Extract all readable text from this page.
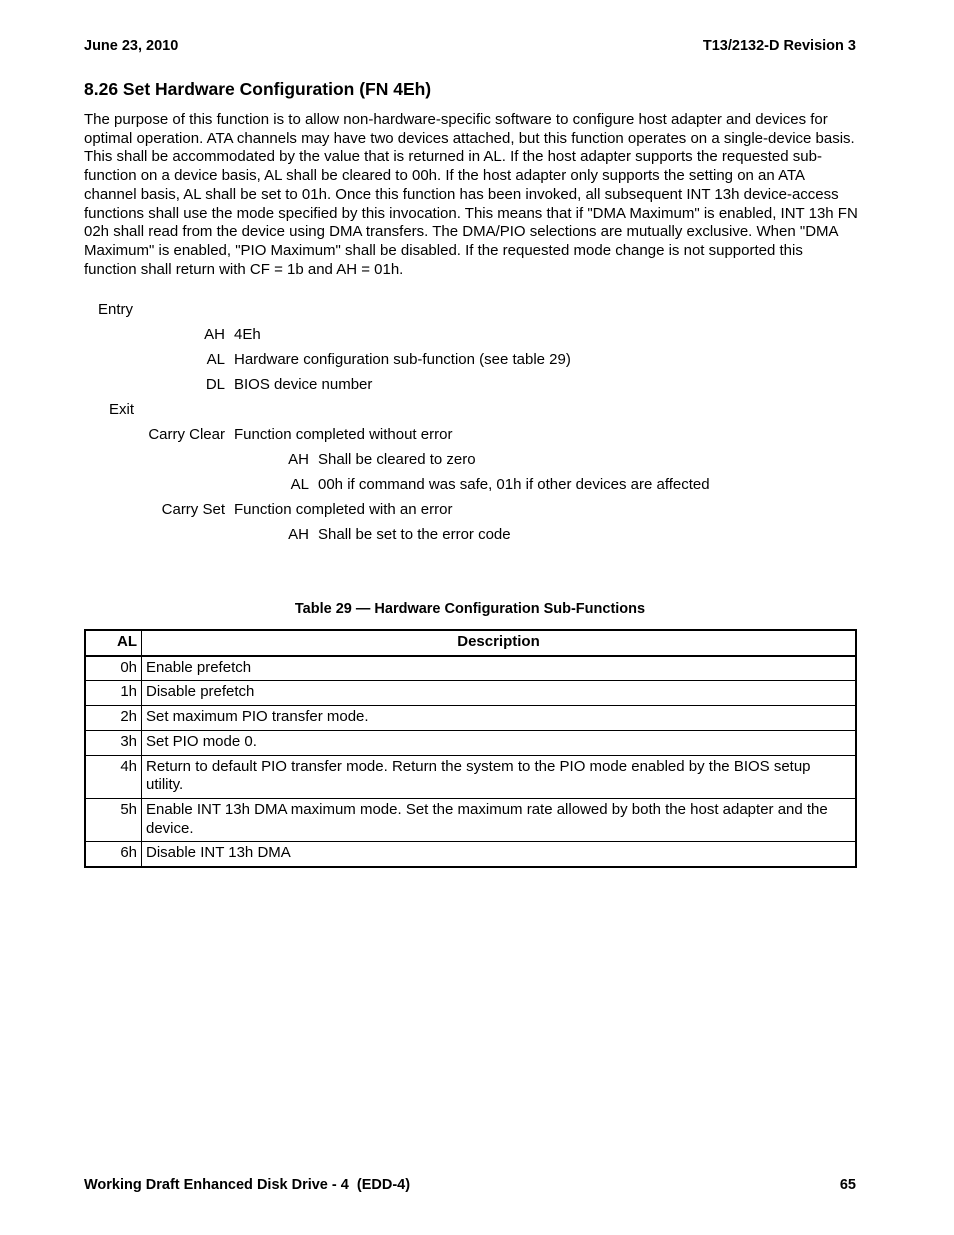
June 23, 2010	T13/2132-D Revision 3
8.26 Set Hardware Configuration (FN 4Eh)

The purpose of this function is to allow non-hardware-specific software to configure host adapter and devices for optimal operation. ATA channels may have two devices attached, but this function operates on a single-device basis. This shall be accommodated by the value that is returned in AL. If the host adapter supports the requested sub-function on a device basis, AL shall be cleared to 00h. If the host adapter only supports the setting on an ATA channel basis, AL shall be set to 01h. Once this function has been invoked, all subsequent INT 13h device-access functions shall use the mode specified by this invocation. This means that if "DMA Maximum" is enabled, INT 13h FN 02h shall read from the device using DMA transfers. The DMA/PIO selections are mutually exclusive. When "DMA Maximum" is enabled, "PIO Maximum" shall be disabled. If the requested mode change is not supported this function shall return with CF = 1b and AH = 01h.

Entry
AH 4Eh
AL Hardware configuration sub-function (see table 29)
DL BIOS device number
Exit
Carry Clear Function completed without error
AH Shall be cleared to zero
AL 00h if command was safe, 01h if other devices are affected
Carry Set Function completed with an error
AH Shall be set to the error code
Table 29 — Hardware Configuration Sub-Functions
AL	Description
0h	Enable prefetch
1h	Disable prefetch
2h	Set maximum PIO transfer mode.
3h	Set PIO mode 0.
4h	Return to default PIO transfer mode. Return the system to the PIO mode enabled by the BIOS setup utility.
5h	Enable INT 13h DMA maximum mode. Set the maximum rate allowed by both the host adapter and the device.
6h	Disable INT 13h DMA
Working Draft Enhanced Disk Drive - 4  (EDD-4)	65
